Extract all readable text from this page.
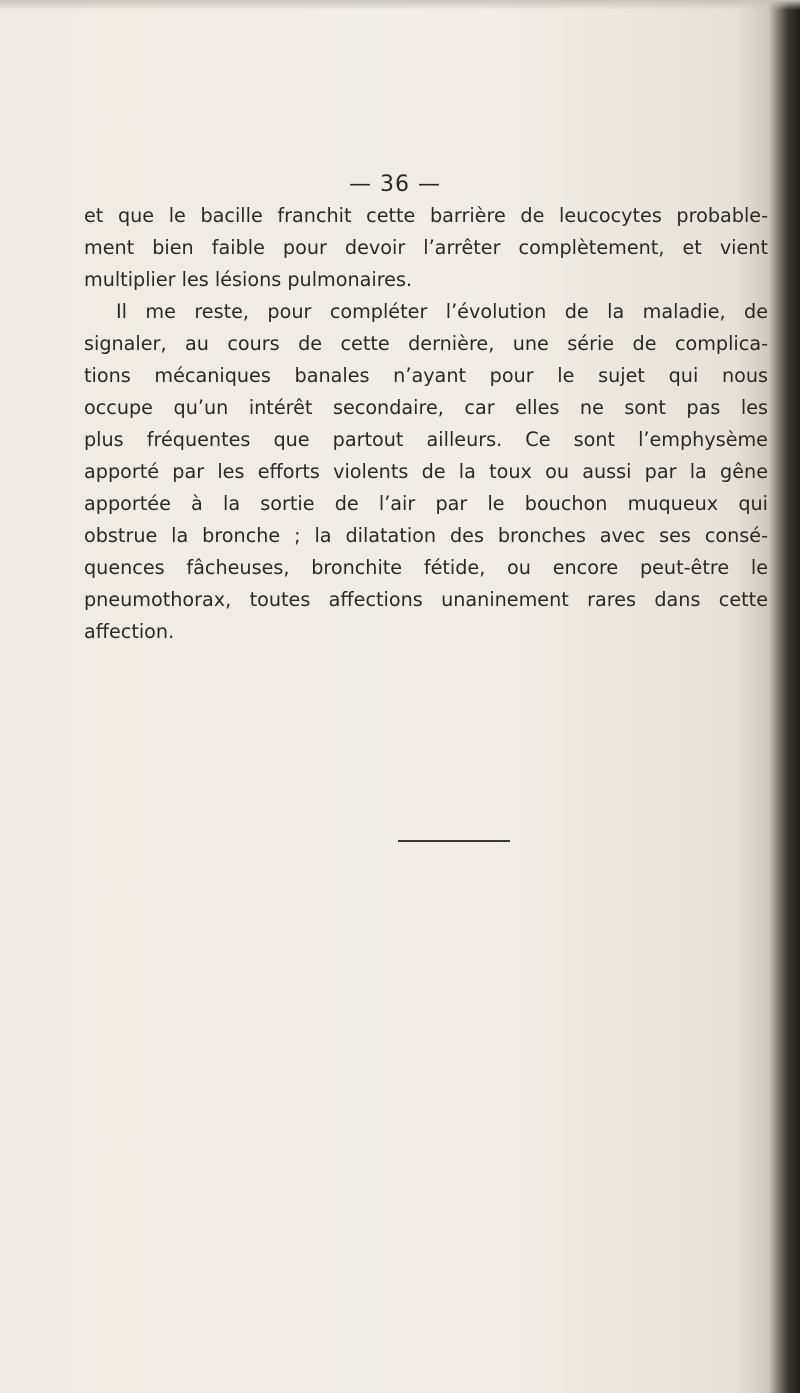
— 36 —
et que le bacille franchit cette barrière de leucocytes probable-
ment bien faible pour devoir l’arrêter complètement, et vient
multiplier les lésions pulmonaires.
Il me reste, pour compléter l’évolution de la maladie, de
signaler, au cours de cette dernière, une série de complica-
tions mécaniques banales n’ayant pour le sujet qui nous
occupe qu’un intérêt secondaire, car elles ne sont pas les
plus fréquentes que partout ailleurs. Ce sont l’emphysème
apporté par les efforts violents de la toux ou aussi par la gêne
apportée à la sortie de l’air par le bouchon muqueux qui
obstrue la bronche ; la dilatation des bronches avec ses consé-
quences fâcheuses, bronchite fétide, ou encore peut-être le
pneumothorax, toutes affections unaninement rares dans cette
affection.
